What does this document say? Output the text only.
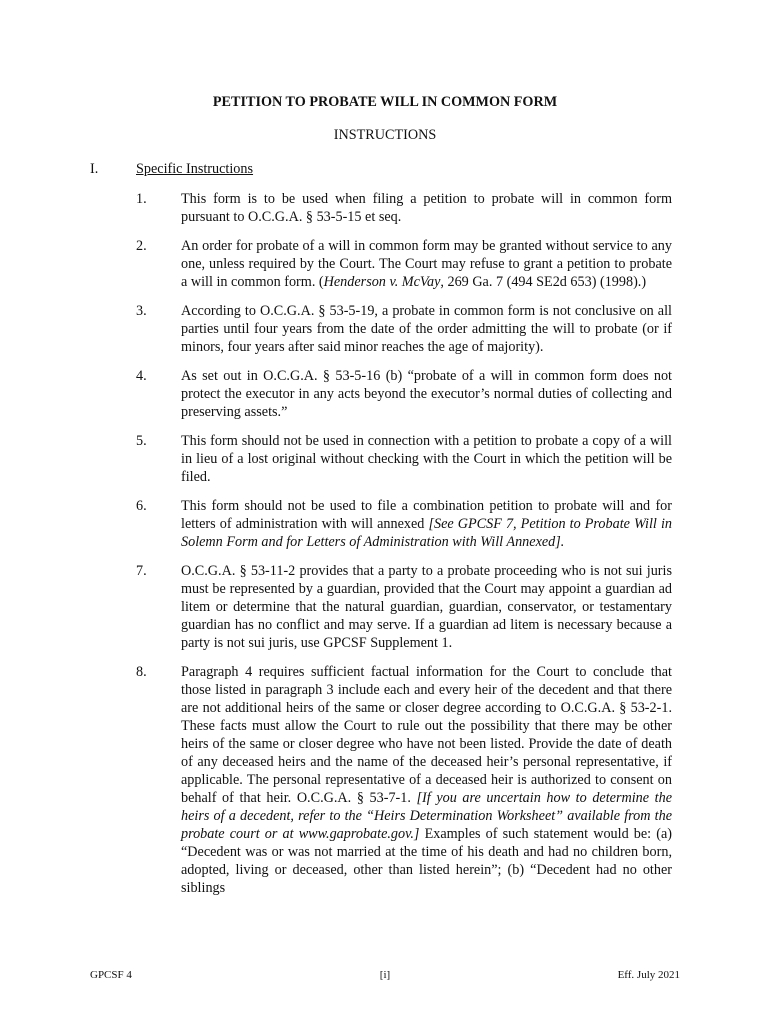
PETITION TO PROBATE WILL IN COMMON FORM
INSTRUCTIONS
I.	Specific Instructions
1. This form is to be used when filing a petition to probate will in common form pursuant to O.C.G.A. § 53-5-15 et seq.
2. An order for probate of a will in common form may be granted without service to any one, unless required by the Court. The Court may refuse to grant a petition to probate a will in common form. (Henderson v. McVay, 269 Ga. 7 (494 SE2d 653) (1998).)
3. According to O.C.G.A. § 53-5-19, a probate in common form is not conclusive on all parties until four years from the date of the order admitting the will to probate (or if minors, four years after said minor reaches the age of majority).
4. As set out in O.C.G.A. § 53-5-16 (b) “probate of a will in common form does not protect the executor in any acts beyond the executor’s normal duties of collecting and preserving assets.”
5. This form should not be used in connection with a petition to probate a copy of a will in lieu of a lost original without checking with the Court in which the petition will be filed.
6. This form should not be used to file a combination petition to probate will and for letters of administration with will annexed [See GPCSF 7, Petition to Probate Will in Solemn Form and for Letters of Administration with Will Annexed].
7. O.C.G.A. § 53-11-2 provides that a party to a probate proceeding who is not sui juris must be represented by a guardian, provided that the Court may appoint a guardian ad litem or determine that the natural guardian, guardian, conservator, or testamentary guardian has no conflict and may serve. If a guardian ad litem is necessary because a party is not sui juris, use GPCSF Supplement 1.
8. Paragraph 4 requires sufficient factual information for the Court to conclude that those listed in paragraph 3 include each and every heir of the decedent and that there are not additional heirs of the same or closer degree according to O.C.G.A. § 53-2-1. These facts must allow the Court to rule out the possibility that there may be other heirs of the same or closer degree who have not been listed. Provide the date of death of any deceased heirs and the name of the deceased heir’s personal representative, if applicable. The personal representative of a deceased heir is authorized to consent on behalf of that heir. O.C.G.A. § 53-7-1. [If you are uncertain how to determine the heirs of a decedent, refer to the “Heirs Determination Worksheet” available from the probate court or at www.gaprobate.gov.] Examples of such statement would be: (a) “Decedent was or was not married at the time of his death and had no children born, adopted, living or deceased, other than listed herein”; (b) “Decedent had no other siblings
GPCSF 4	[i]	Eff. July 2021
